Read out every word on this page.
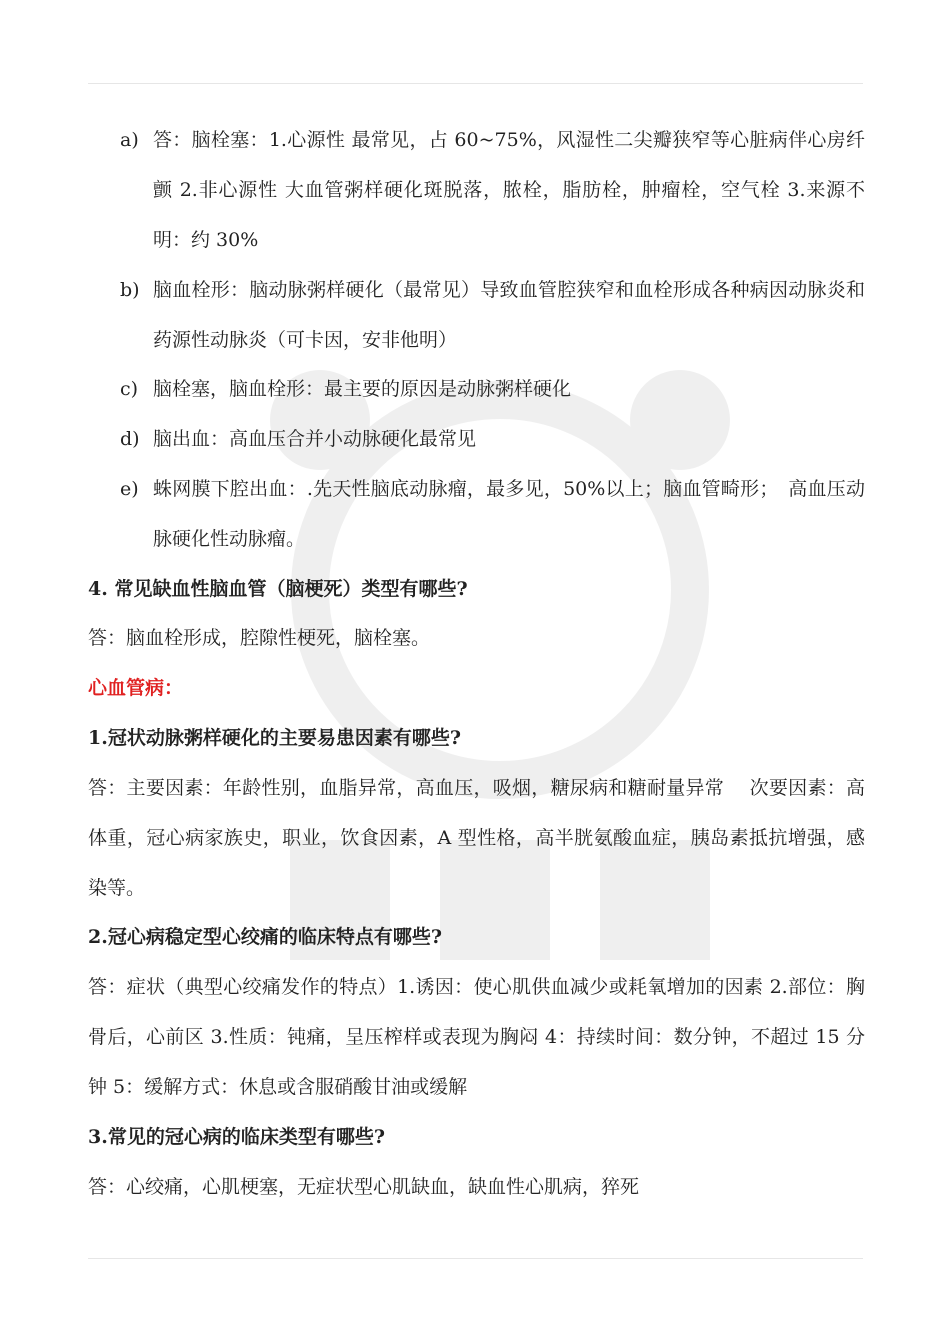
a) 答：脑栓塞：1.心源性 最常见，占 60~75%，风湿性二尖瓣狭窄等心脏病伴心房纤颤 2.非心源性 大血管粥样硬化斑脱落，脓栓，脂肪栓，肿瘤栓，空气栓 3.来源不明：约 30%
b) 脑血栓形：脑动脉粥样硬化（最常见）导致血管腔狭窄和血栓形成各种病因动脉炎和药源性动脉炎（可卡因，安非他明）
c) 脑栓塞，脑血栓形：最主要的原因是动脉粥样硬化
d) 脑出血：高血压合并小动脉硬化最常见
e) 蛛网膜下腔出血：.先天性脑底动脉瘤，最多见，50%以上；脑血管畸形；　高血压动脉硬化性动脉瘤。
4. 常见缺血性脑血管（脑梗死）类型有哪些?
答：脑血栓形成，腔隙性梗死，脑栓塞。
心血管病：
1.冠状动脉粥样硬化的主要易患因素有哪些?
答：主要因素：年龄性别，血脂异常，高血压，吸烟，糖尿病和糖耐量异常　 次要因素：高体重，冠心病家族史，职业，饮食因素，A 型性格，高半胱氨酸血症，胰岛素抵抗增强，感染等。
2.冠心病稳定型心绞痛的临床特点有哪些?
答：症状（典型心绞痛发作的特点）1.诱因：使心肌供血减少或耗氧增加的因素 2.部位：胸骨后，心前区 3.性质：钝痛，呈压榨样或表现为胸闷 4：持续时间：数分钟，不超过 15 分钟 5：缓解方式：休息或含服硝酸甘油或缓解
3.常见的冠心病的临床类型有哪些?
答：心绞痛，心肌梗塞，无症状型心肌缺血，缺血性心肌病，猝死
